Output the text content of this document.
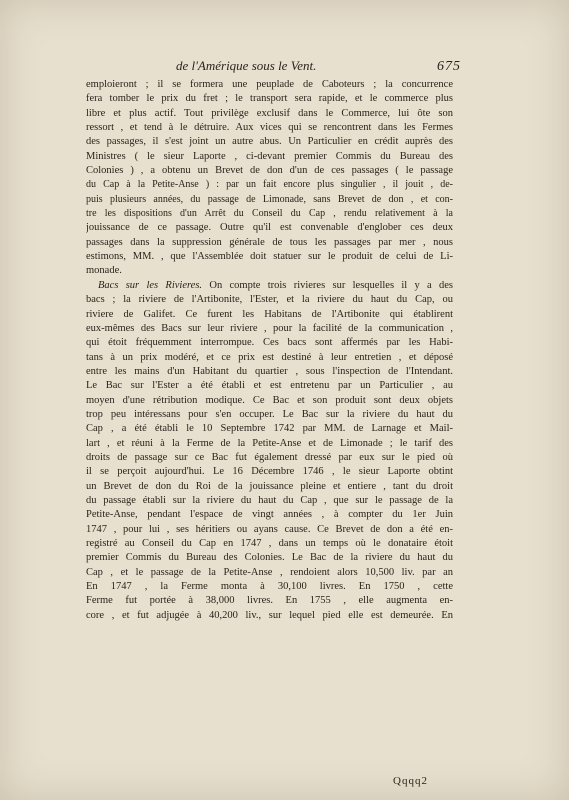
de l'Amérique sous le Vent.	675
emploieront ; il se formera une peuplade de Caboteurs ; la concurrence
fera tomber le prix du fret ; le transport sera rapide, et le commerce plus
libre et plus actif. Tout privilège exclusif dans le Commerce, lui ôte son
ressort , et tend à le détruire. Aux vices qui se rencontrent dans les Fermes
des passages, il s'est joint un autre abus. Un Particulier en crédit auprès des
Ministres ( le sieur Laporte , ci-devant premier Commis du Bureau des
Colonies ) , a obtenu un Brevet de don d'un de ces passages ( le passage
du Cap à la Petite-Anse ) : par un fait encore plus singulier , il jouit , de-
puis plusieurs années, du passage de Limonade, sans Brevet de don , et con-
tre les dispositions d'un Arrêt du Conseil du Cap , rendu relativement à la
jouissance de ce passage. Outre qu'il est convenable d'englober ces deux
passages dans la suppression générale de tous les passages par mer , nous
estimons, MM. , que l'Assemblée doit statuer sur le produit de celui de Li-
monade.
Bacs sur les Rivieres. On compte trois rivieres sur lesquelles il y a des
bacs ; la riviere de l'Artibonite, l'Ester, et la riviere du haut du Cap, ou
riviere de Galifet. Ce furent les Habitans de l'Artibonite qui établirent
eux-mêmes des Bacs sur leur riviere , pour la facilité de la communication ,
qui étoit fréquemment interrompue. Ces bacs sont affermés par les Habi-
tans à un prix modéré, et ce prix est destiné à leur entretien , et déposé
entre les mains d'un Habitant du quartier , sous l'inspection de l'Intendant.
Le Bac sur l'Ester a été établi et est entretenu par un Particulier , au
moyen d'une rétribution modique. Ce Bac et son produit sont deux objets
trop peu intéressans pour s'en occuper. Le Bac sur la riviere du haut du
Cap , a été établi le 10 Septembre 1742 par MM. de Larnage et Mail-
lart , et réuni à la Ferme de la Petite-Anse et de Limonade ; le tarif des
droits de passage sur ce Bac fut également dressé par eux sur le pied où
il se perçoit aujourd'hui. Le 16 Décembre 1746 , le sieur Laporte obtint
un Brevet de don du Roi de la jouissance pleine et entiere , tant du droit
du passage établi sur la riviere du haut du Cap , que sur le passage de la
Petite-Anse, pendant l'espace de vingt années , à compter du 1er Juin
1747 , pour lui , ses héritiers ou ayans cause. Ce Brevet de don a été en-
registré au Conseil du Cap en 1747 , dans un temps où le donataire étoit
premier Commis du Bureau des Colonies. Le Bac de la riviere du haut du
Cap , et le passage de la Petite-Anse , rendoient alors 10,500 liv. par an
En 1747 , la Ferme monta à 30,100 livres. En 1750 , cette
Ferme fut portée à 38,000 livres. En 1755 , elle augmenta en-
core , et fut adjugée à 40,200 liv., sur lequel pied elle est demeurée. En
Qqqq2
